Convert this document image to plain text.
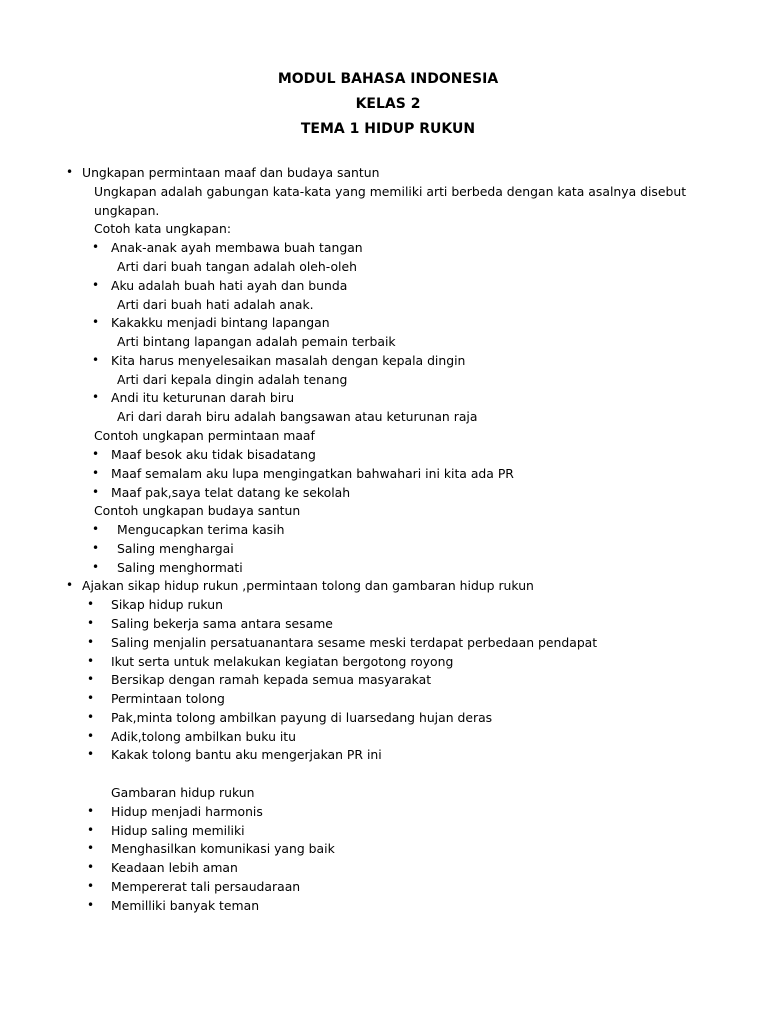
MODUL BAHASA INDONESIA
KELAS 2
TEMA 1 HIDUP RUKUN
• Ungkapan permintaan maaf dan budaya santun
Ungkapan adalah gabungan kata-kata yang memiliki arti berbeda dengan kata asalnya disebut
ungkapan.
Cotoh kata ungkapan:
• Anak-anak ayah membawa buah tangan
Arti dari buah tangan adalah oleh-oleh
• Aku adalah buah hati ayah dan bunda
Arti dari buah hati adalah anak.
• Kakakku menjadi bintang lapangan
Arti bintang lapangan adalah pemain terbaik
• Kita harus menyelesaikan masalah dengan kepala dingin
Arti dari kepala dingin adalah tenang
• Andi itu keturunan darah biru
Ari dari darah biru adalah bangsawan atau keturunan raja
Contoh ungkapan permintaan maaf
• Maaf besok aku tidak bisadatang
• Maaf semalam aku lupa mengingatkan bahwahari ini kita ada PR
• Maaf pak,saya telat datang ke sekolah
Contoh ungkapan budaya santun
• Mengucapkan terima kasih
• Saling menghargai
• Saling menghormati
• Ajakan sikap hidup rukun ,permintaan tolong dan gambaran hidup rukun
• Sikap hidup rukun
• Saling bekerja sama antara sesame
• Saling menjalin persatuanantara sesame meski terdapat perbedaan pendapat
• Ikut serta untuk melakukan kegiatan bergotong royong
• Bersikap dengan ramah kepada semua masyarakat
• Permintaan tolong
• Pak,minta tolong ambilkan payung di luarsedang hujan deras
• Adik,tolong ambilkan buku itu
• Kakak tolong bantu aku mengerjakan PR ini
Gambaran hidup rukun
• Hidup menjadi harmonis
• Hidup saling memiliki
• Menghasilkan komunikasi yang baik
• Keadaan lebih aman
• Mempererat tali persaudaraan
• Memilliki banyak teman
